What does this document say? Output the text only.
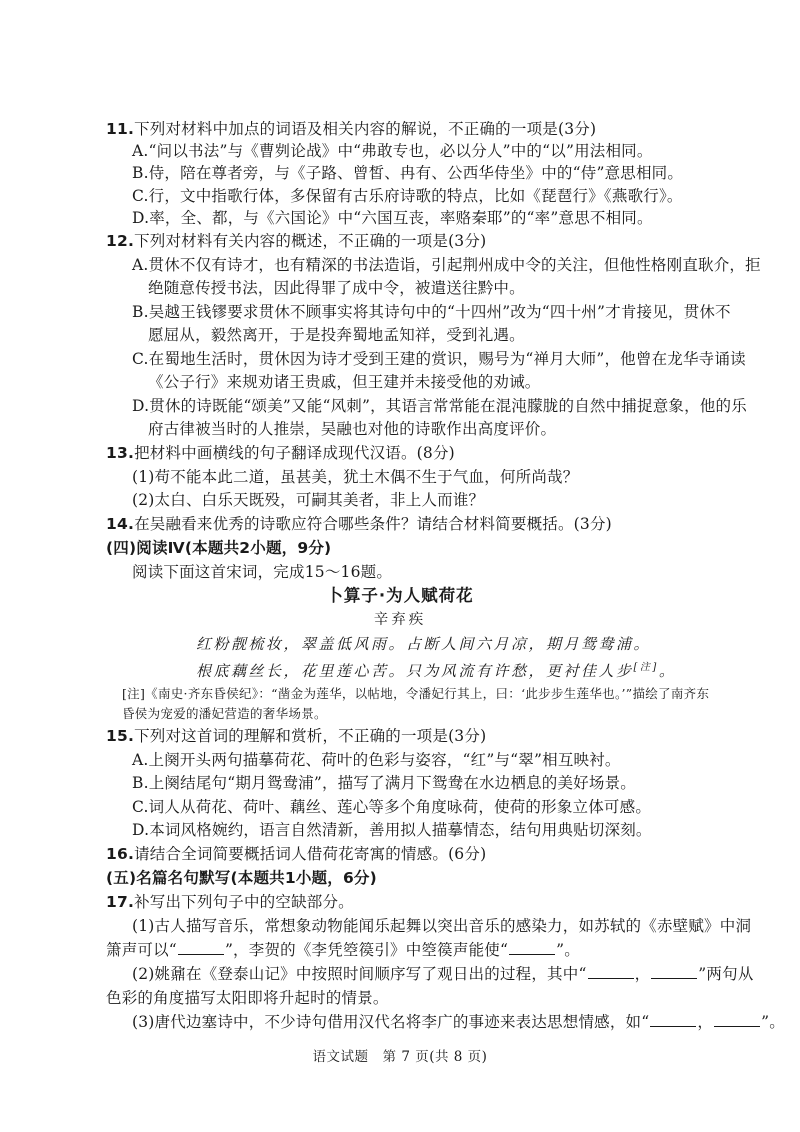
11.下列对材料中加点的词语及相关内容的解说，不正确的一项是(3分)
A.“问以书法”与《曹刿论战》中“弗敢专也，必以分人”中的“以”用法相同。
B.侍，陪在尊者旁，与《子路、曾皙、冉有、公西华侍坐》中的“侍”意思相同。
C.行，文中指歌行体，多保留有古乐府诗歌的特点，比如《琵琶行》《燕歌行》。
D.率，全、都，与《六国论》中“六国互丧，率赂秦耶”的“率”意思不相同。
12.下列对材料有关内容的概述，不正确的一项是(3分)
A.贯休不仅有诗才，也有精深的书法造诣，引起荆州成中令的关注，但他性格刚直耿介，拒
绝随意传授书法，因此得罪了成中令，被遣送往黔中。
B.吴越王钱镠要求贯休不顾事实将其诗句中的“十四州”改为“四十州”才肯接见，贯休不
愿屈从，毅然离开，于是投奔蜀地孟知祥，受到礼遇。
C.在蜀地生活时，贯休因为诗才受到王建的赏识，赐号为“禅月大师”，他曾在龙华寺诵读
《公子行》来规劝诸王贵戚，但王建并未接受他的劝诫。
D.贯休的诗既能“颂美”又能“风刺”，其语言常常能在混沌朦胧的自然中捕捉意象，他的乐
府古律被当时的人推崇，吴融也对他的诗歌作出高度评价。
13.把材料中画横线的句子翻译成现代汉语。(8分)
(1)苟不能本此二道，虽甚美，犹土木偶不生于气血，何所尚哉？
(2)太白、白乐天既殁，可嗣其美者，非上人而谁？
14.在吴融看来优秀的诗歌应符合哪些条件？请结合材料简要概括。(3分)
(四)阅读Ⅳ(本题共2小题，9分)
阅读下面这首宋词，完成15～16题。
卜算子·为人赋荷花
辛弃疾
红粉靓梳妆，翠盖低风雨。占断人间六月凉，期月鸳鸯浦。
根底藕丝长，花里莲心苦。只为风流有许愁，更衬佳人步[注]。
[注]《南史·齐东昏侯纪》：“凿金为莲华，以帖地，令潘妃行其上，曰：‘此步步生莲华也。’”描绘了南齐东
昏侯为宠爱的潘妃营造的奢华场景。
15.下列对这首词的理解和赏析，不正确的一项是(3分)
A.上阕开头两句描摹荷花、荷叶的色彩与姿容，“红”与“翠”相互映衬。
B.上阕结尾句“期月鸳鸯浦”，描写了满月下鸳鸯在水边栖息的美好场景。
C.词人从荷花、荷叶、藕丝、莲心等多个角度咏荷，使荷的形象立体可感。
D.本词风格婉约，语言自然清新，善用拟人描摹情态，结句用典贴切深刻。
16.请结合全词简要概括词人借荷花寄寓的情感。(6分)
(五)名篇名句默写(本题共1小题，6分)
17.补写出下列句子中的空缺部分。
(1)古人描写音乐，常想象动物能闻乐起舞以突出音乐的感染力，如苏轼的《赤壁赋》中洞
箫声可以“	”，李贺的《李凭箜篌引》中箜篌声能使“	”。
(2)姚鼐在《登泰山记》中按照时间顺序写了观日出的过程，其中“	，	”两句从
色彩的角度描写太阳即将升起时的情景。
(3)唐代边塞诗中，不少诗句借用汉代名将李广的事迹来表达思想情感，如“	，	”。
语文试题　第 7 页(共 8 页)
